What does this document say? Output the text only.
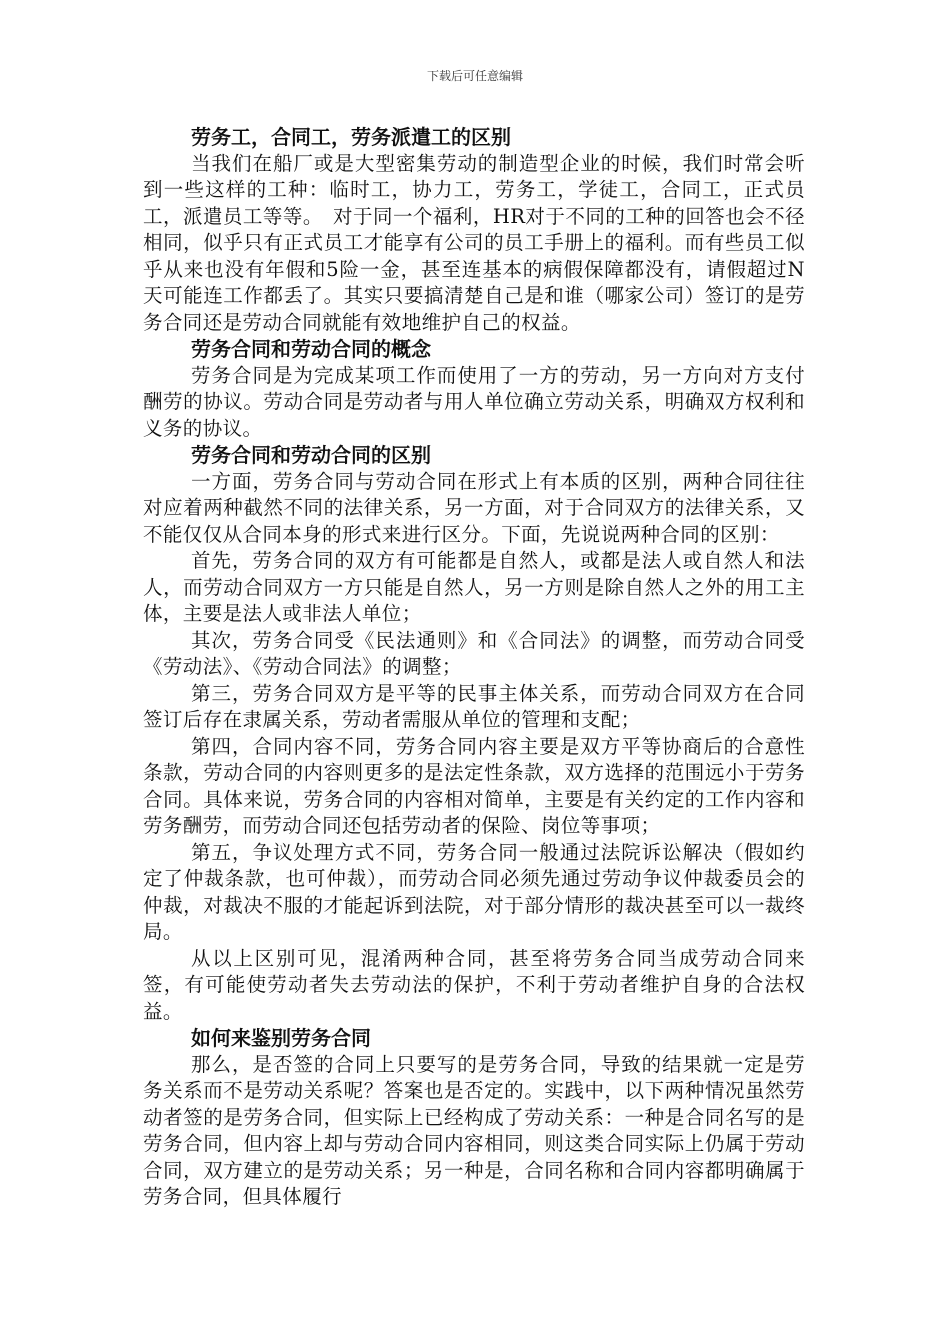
下载后可任意编辑
劳务工，合同工，劳务派遣工的区别

当我们在船厂或是大型密集劳动的制造型企业的时候，我们时常会听到一些这样的工种：临时工，协力工，劳务工，学徒工，合同工，正式员工，派遣员工等等。　对于同一个福利，HR对于不同的工种的回答也会不径相同，似乎只有正式员工才能享有公司的员工手册上的福利。而有些员工似乎从来也没有年假和5险一金，甚至连基本的病假保障都没有，请假超过N天可能连工作都丢了。其实只要搞清楚自己是和谁（哪家公司）签订的是劳务合同还是劳动合同就能有效地维护自己的权益。

劳务合同和劳动合同的概念

劳务合同是为完成某项工作而使用了一方的劳动，另一方向对方支付酬劳的协议。劳动合同是劳动者与用人单位确立劳动关系，明确双方权利和义务的协议。

劳务合同和劳动合同的区别

一方面，劳务合同与劳动合同在形式上有本质的区别，两种合同往往对应着两种截然不同的法律关系，另一方面，对于合同双方的法律关系，又不能仅仅从合同本身的形式来进行区分。下面，先说说两种合同的区别：

首先，劳务合同的双方有可能都是自然人，或都是法人或自然人和法人，而劳动合同双方一方只能是自然人，另一方则是除自然人之外的用工主体，主要是法人或非法人单位；

其次，劳务合同受《民法通则》和《合同法》的调整，而劳动合同受《劳动法》、《劳动合同法》的调整；

第三，劳务合同双方是平等的民事主体关系，而劳动合同双方在合同签订后存在隶属关系，劳动者需服从单位的管理和支配；

第四，合同内容不同，劳务合同内容主要是双方平等协商后的合意性条款，劳动合同的内容则更多的是法定性条款，双方选择的范围远小于劳务合同。具体来说，劳务合同的内容相对简单，主要是有关约定的工作内容和劳务酬劳，而劳动合同还包括劳动者的保险、岗位等事项；

第五，争议处理方式不同，劳务合同一般通过法院诉讼解决（假如约定了仲裁条款，也可仲裁），而劳动合同必须先通过劳动争议仲裁委员会的仲裁，对裁决不服的才能起诉到法院，对于部分情形的裁决甚至可以一裁终局。

从以上区别可见，混淆两种合同，甚至将劳务合同当成劳动合同来签，有可能使劳动者失去劳动法的保护，不利于劳动者维护自身的合法权益。

如何来鉴别劳务合同

那么，是否签的合同上只要写的是劳务合同，导致的结果就一定是劳务关系而不是劳动关系呢？答案也是否定的。实践中，以下两种情况虽然劳动者签的是劳务合同，但实际上已经构成了劳动关系：一种是合同名写的是劳务合同，但内容上却与劳动合同内容相同，则这类合同实际上仍属于劳动合同，双方建立的是劳动关系；另一种是，合同名称和合同内容都明确属于劳务合同，但具体履行
